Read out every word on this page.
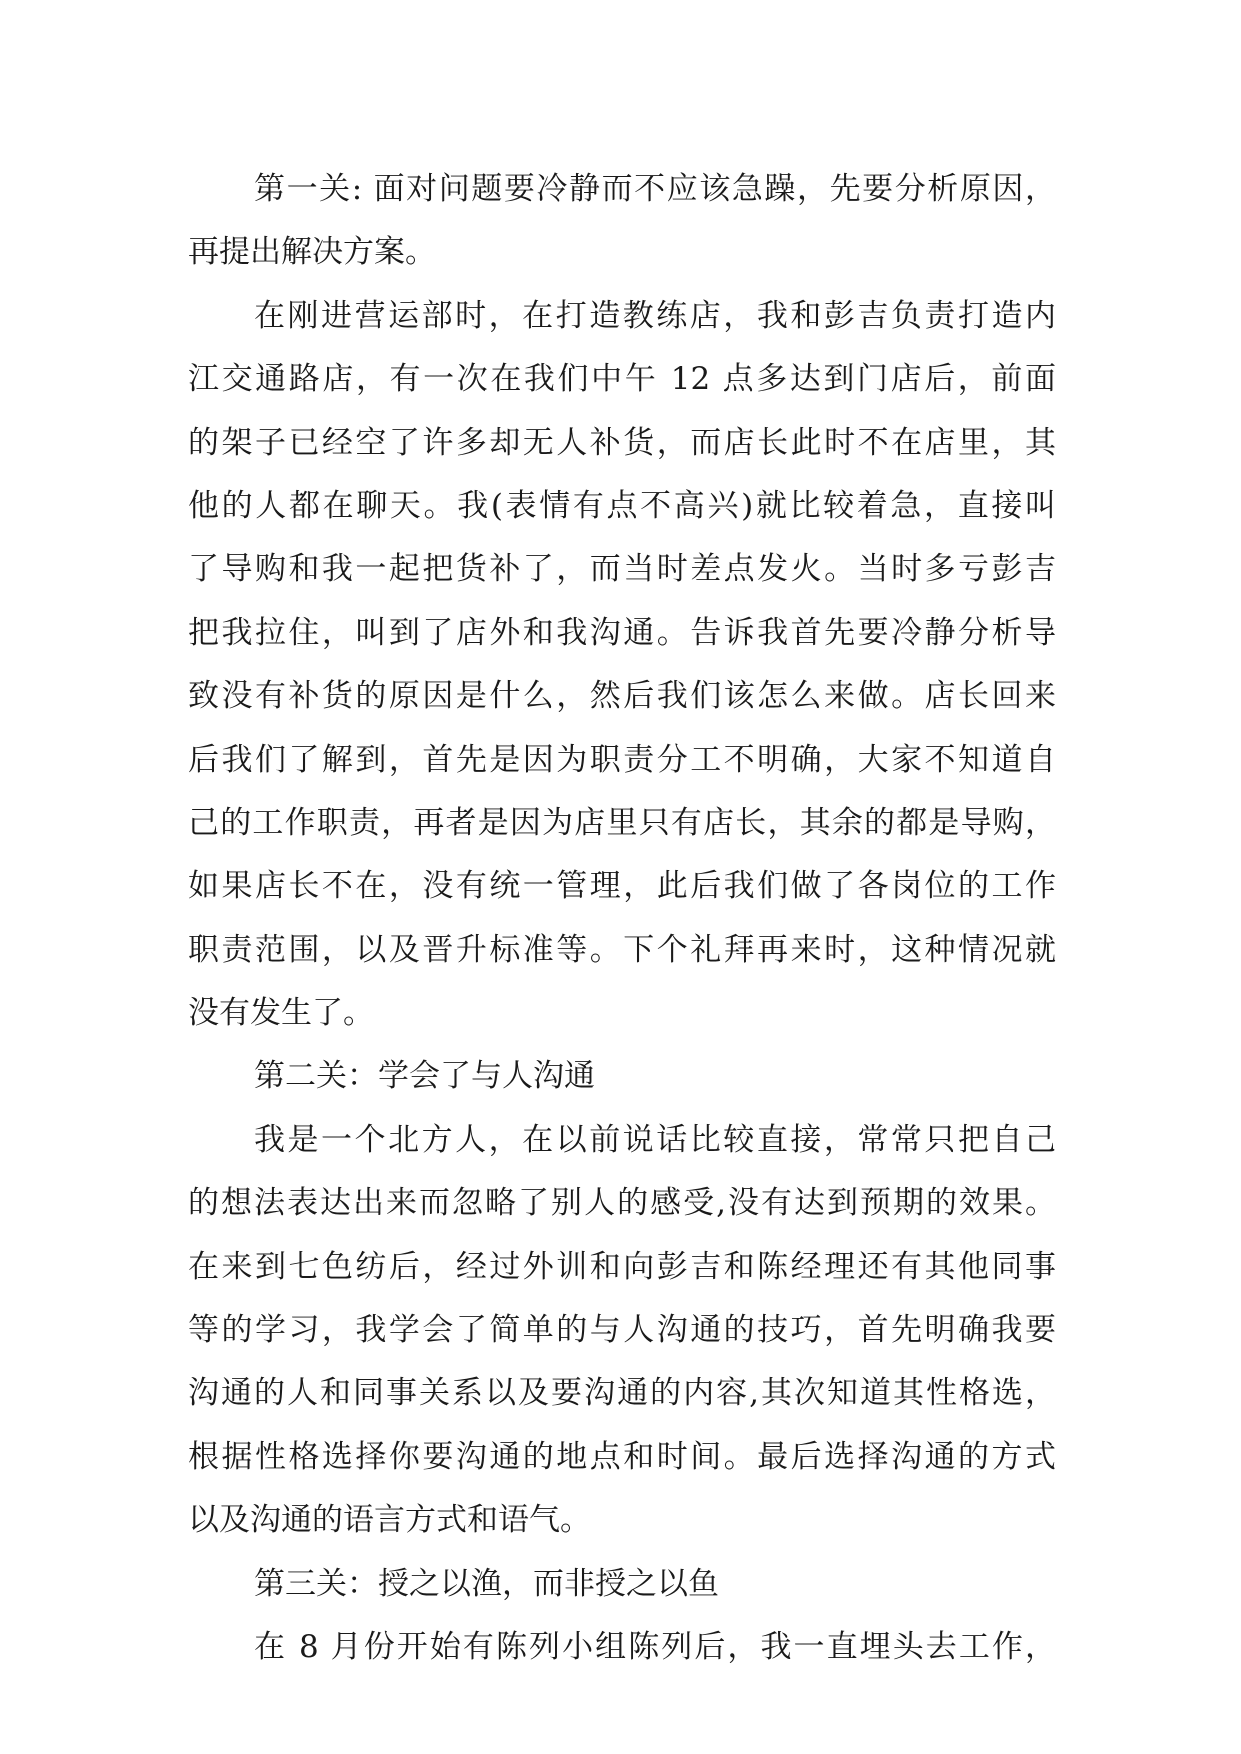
第一关: 面对问题要冷静而不应该急躁，先要分析原因，
再提出解决方案。
在刚进营运部时，在打造教练店，我和彭吉负责打造内
江交通路店，有一次在我们中午 12 点多达到门店后，前面
的架子已经空了许多却无人补货，而店长此时不在店里，其
他的人都在聊天。我(表情有点不高兴)就比较着急，直接叫
了导购和我一起把货补了，而当时差点发火。当时多亏彭吉
把我拉住，叫到了店外和我沟通。告诉我首先要冷静分析导
致没有补货的原因是什么，然后我们该怎么来做。店长回来
后我们了解到，首先是因为职责分工不明确，大家不知道自
己的工作职责，再者是因为店里只有店长，其余的都是导购，
如果店长不在，没有统一管理，此后我们做了各岗位的工作
职责范围，以及晋升标准等。下个礼拜再来时，这种情况就
没有发生了。
第二关：学会了与人沟通
我是一个北方人，在以前说话比较直接，常常只把自己
的想法表达出来而忽略了别人的感受,没有达到预期的效果。
在来到七色纺后，经过外训和向彭吉和陈经理还有其他同事
等的学习，我学会了简单的与人沟通的技巧，首先明确我要
沟通的人和同事关系以及要沟通的内容,其次知道其性格选，
根据性格选择你要沟通的地点和时间。最后选择沟通的方式
以及沟通的语言方式和语气。
第三关：授之以渔，而非授之以鱼
在 8 月份开始有陈列小组陈列后，我一直埋头去工作，
